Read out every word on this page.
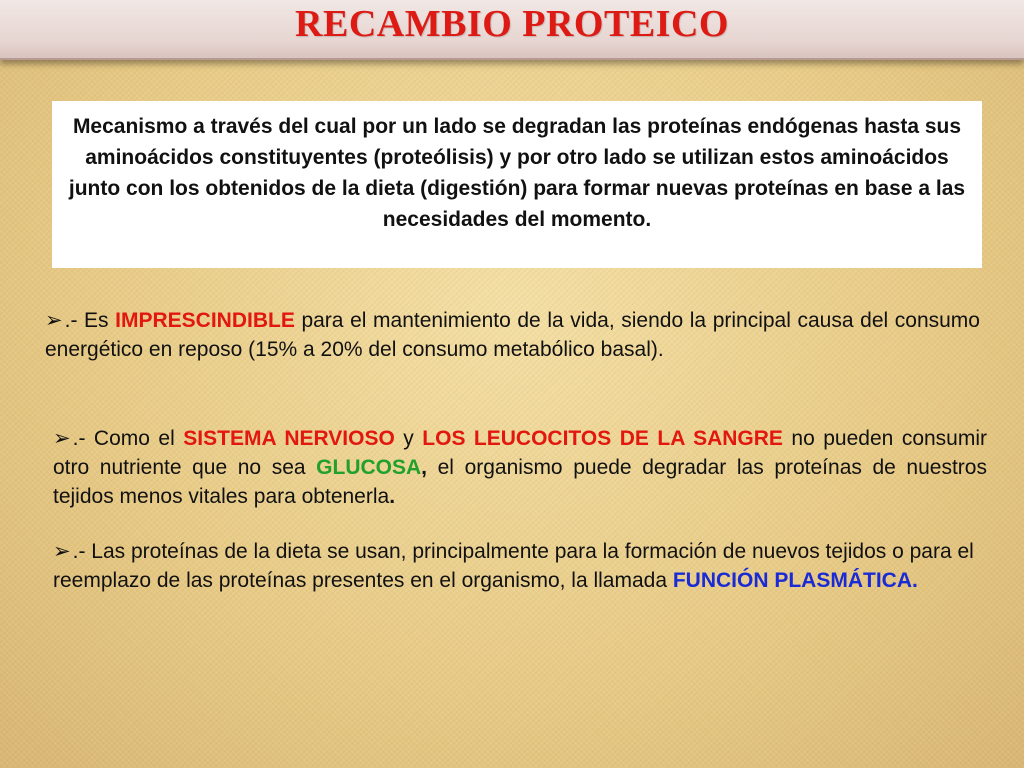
RECAMBIO PROTEICO
Mecanismo a través del cual por un lado se degradan las proteínas endógenas hasta sus aminoácidos constituyentes (proteólisis) y por otro lado se utilizan estos aminoácidos junto con los obtenidos de la dieta (digestión) para formar nuevas proteínas en base a las necesidades del momento.
➢.- Es IMPRESCINDIBLE para el mantenimiento de la vida, siendo la principal causa del consumo energético en reposo (15% a 20% del consumo metabólico basal).
➢.- Como el SISTEMA NERVIOSO y LOS LEUCOCITOS DE LA SANGRE no pueden consumir otro nutriente que no sea GLUCOSA, el organismo puede degradar las proteínas de nuestros tejidos menos vitales para obtenerla.
➢.- Las proteínas de la dieta se usan, principalmente para la formación de nuevos tejidos o para el reemplazo de las proteínas presentes en el organismo, la llamada FUNCIÓN PLASMÁTICA.
